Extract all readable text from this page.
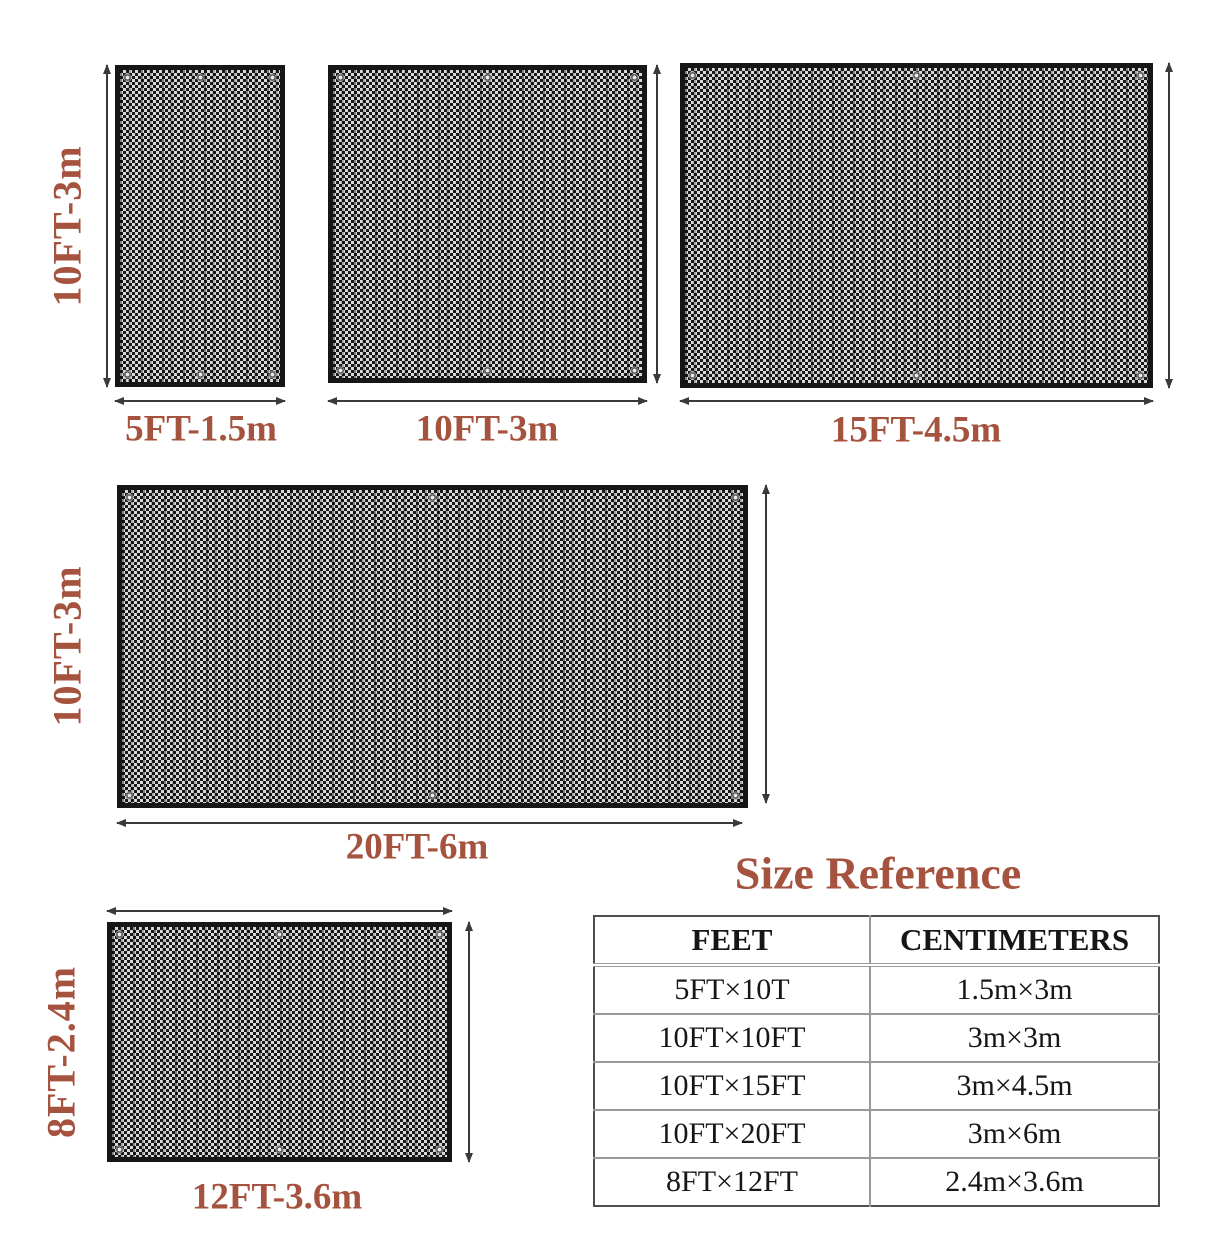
10FT-3m
5FT-1.5m	10FT-3m	15FT-4.5m
10FT-3m
20FT-6m
8FT-2.4m
12FT-3.6m
Size Reference
FEET	CENTIMETERS
5FT×10T	1.5m×3m
10FT×10FT	3m×3m
10FT×15FT	3m×4.5m
10FT×20FT	3m×6m
8FT×12FT	2.4m×3.6m
